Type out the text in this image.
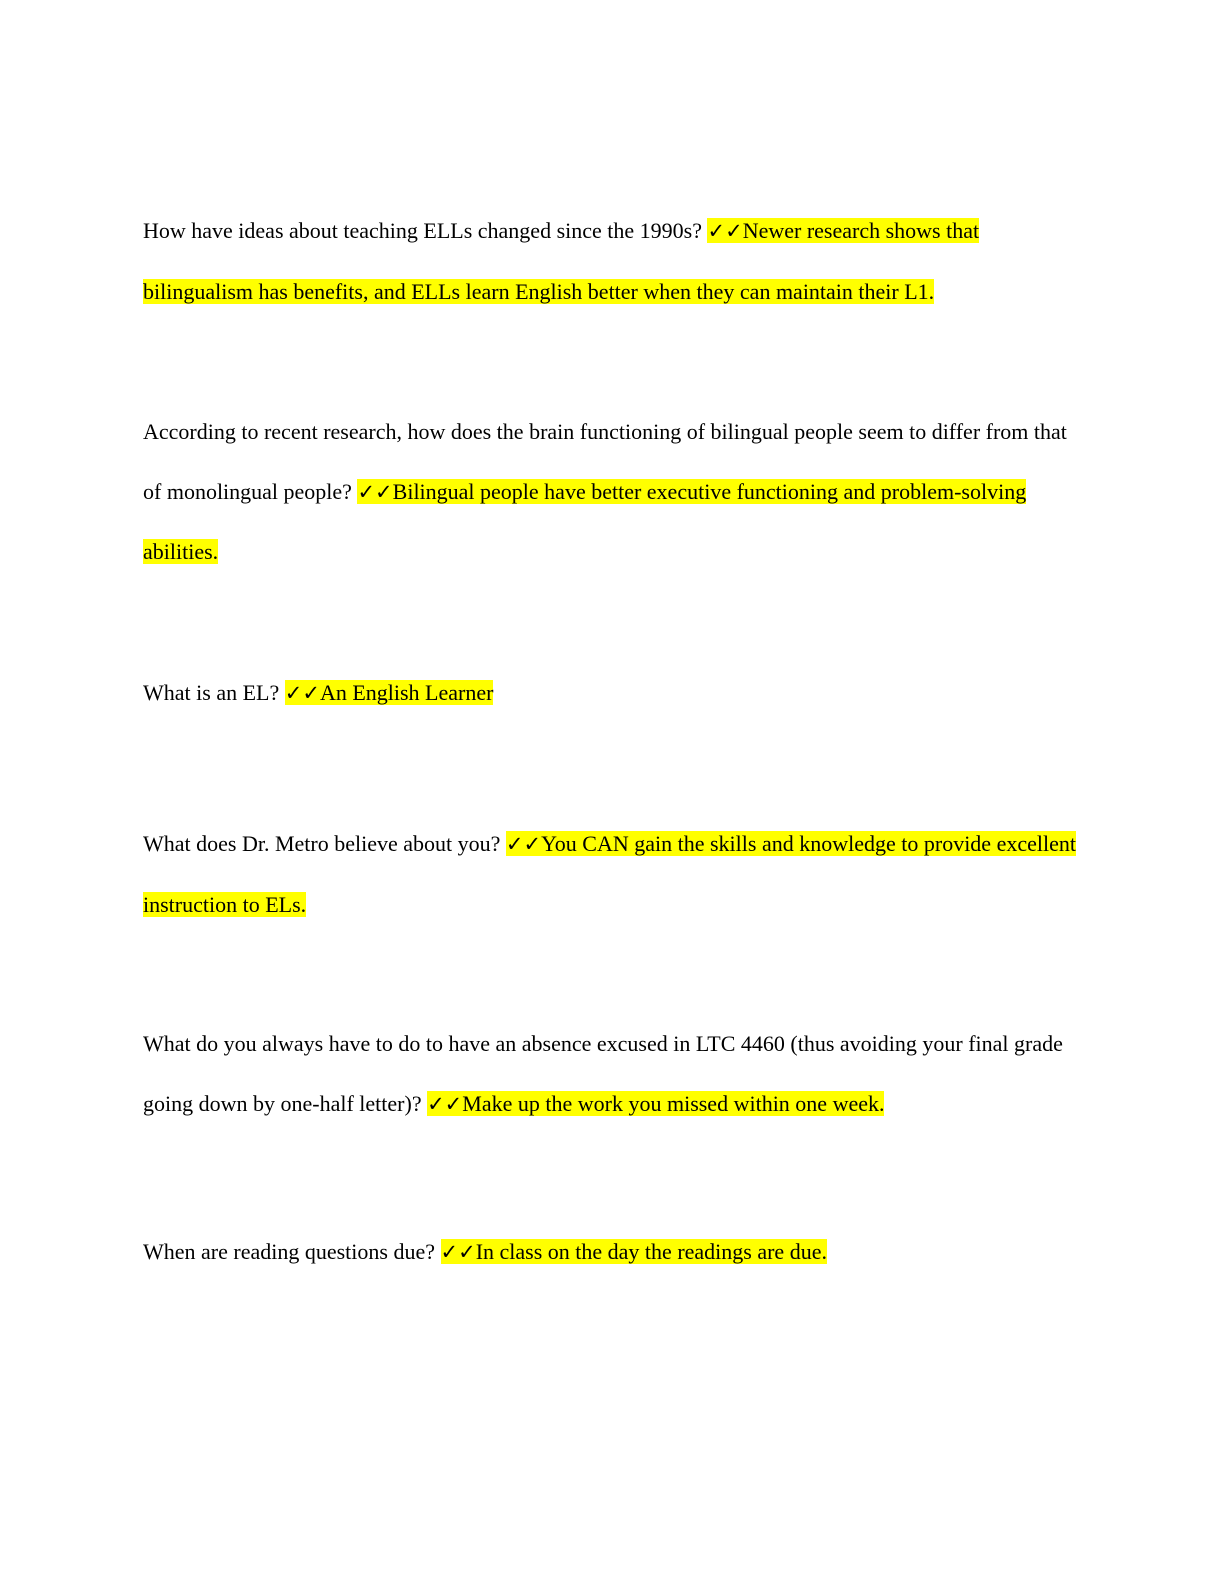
How have ideas about teaching ELLs changed since the 1990s? ✓✓Newer research shows that bilingualism has benefits, and ELLs learn English better when they can maintain their L1.

According to recent research, how does the brain functioning of bilingual people seem to differ from that of monolingual people? ✓✓Bilingual people have better executive functioning and problem-solving abilities.

What is an EL? ✓✓An English Learner

What does Dr. Metro believe about you? ✓✓You CAN gain the skills and knowledge to provide excellent instruction to ELs.

What do you always have to do to have an absence excused in LTC 4460 (thus avoiding your final grade going down by one-half letter)? ✓✓Make up the work you missed within one week.

When are reading questions due? ✓✓In class on the day the readings are due.
